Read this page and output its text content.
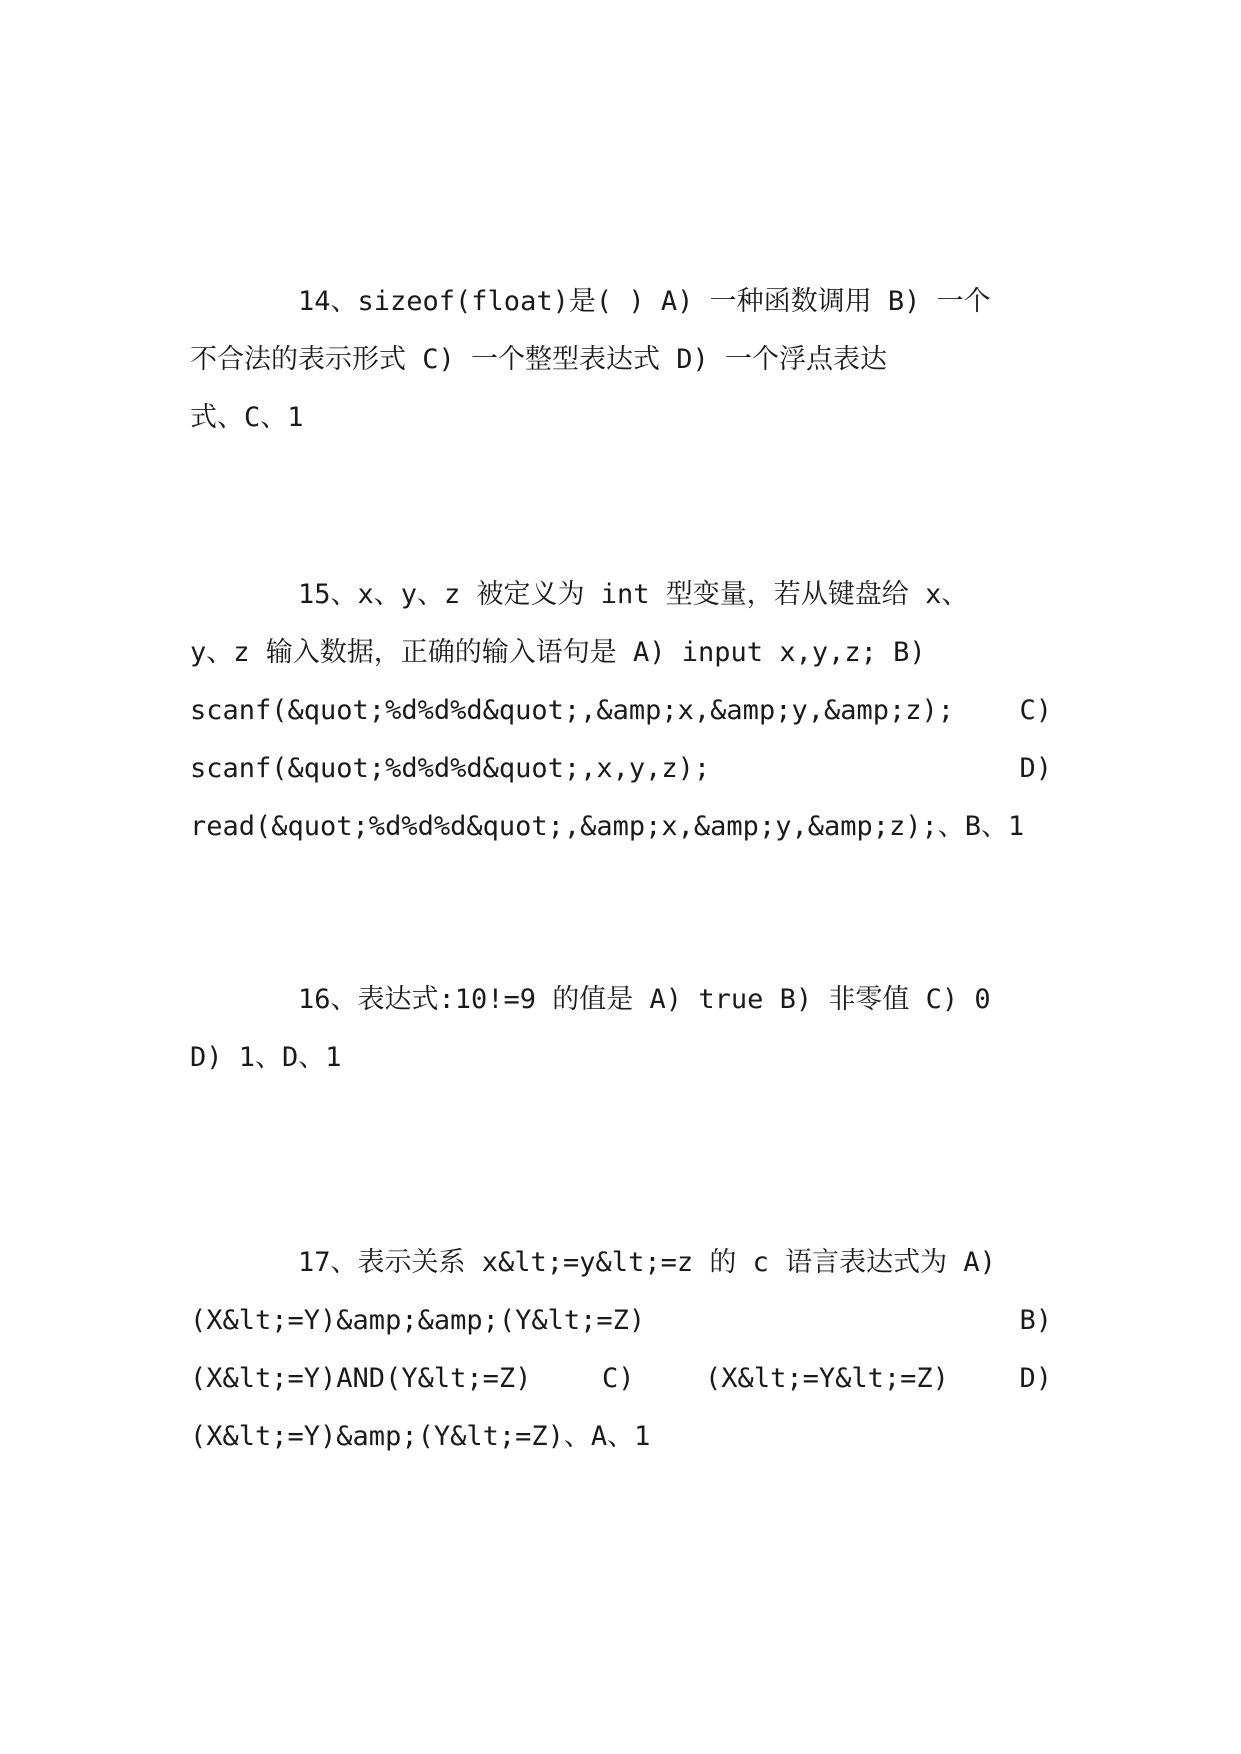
14、sizeof(float)是( ) A) 一种函数调用 B) 一个
不合法的表示形式 C) 一个整型表达式 D) 一个浮点表达
式、C、1
15、x、y、z 被定义为 int 型变量，若从键盘给 x、
y、z 输入数据，正确的输入语句是 A) input x,y,z; B)
scanf(&quot;%d%d%d&quot;,&amp;x,&amp;y,&amp;z); C)
scanf(&quot;%d%d%d&quot;,x,y,z);	D)
read(&quot;%d%d%d&quot;,&amp;x,&amp;y,&amp;z);、B、1
16、表达式:10!=9 的值是 A) true B) 非零值 C) 0
D) 1、D、1
17、表示关系 x&lt;=y&lt;=z 的 c 语言表达式为 A)
(X&lt;=Y)&amp;&amp;(Y&lt;=Z)	B)
(X&lt;=Y)AND(Y&lt;=Z)	C)	(X&lt;=Y&lt;=Z)	D)
(X&lt;=Y)&amp;(Y&lt;=Z)、A、1
